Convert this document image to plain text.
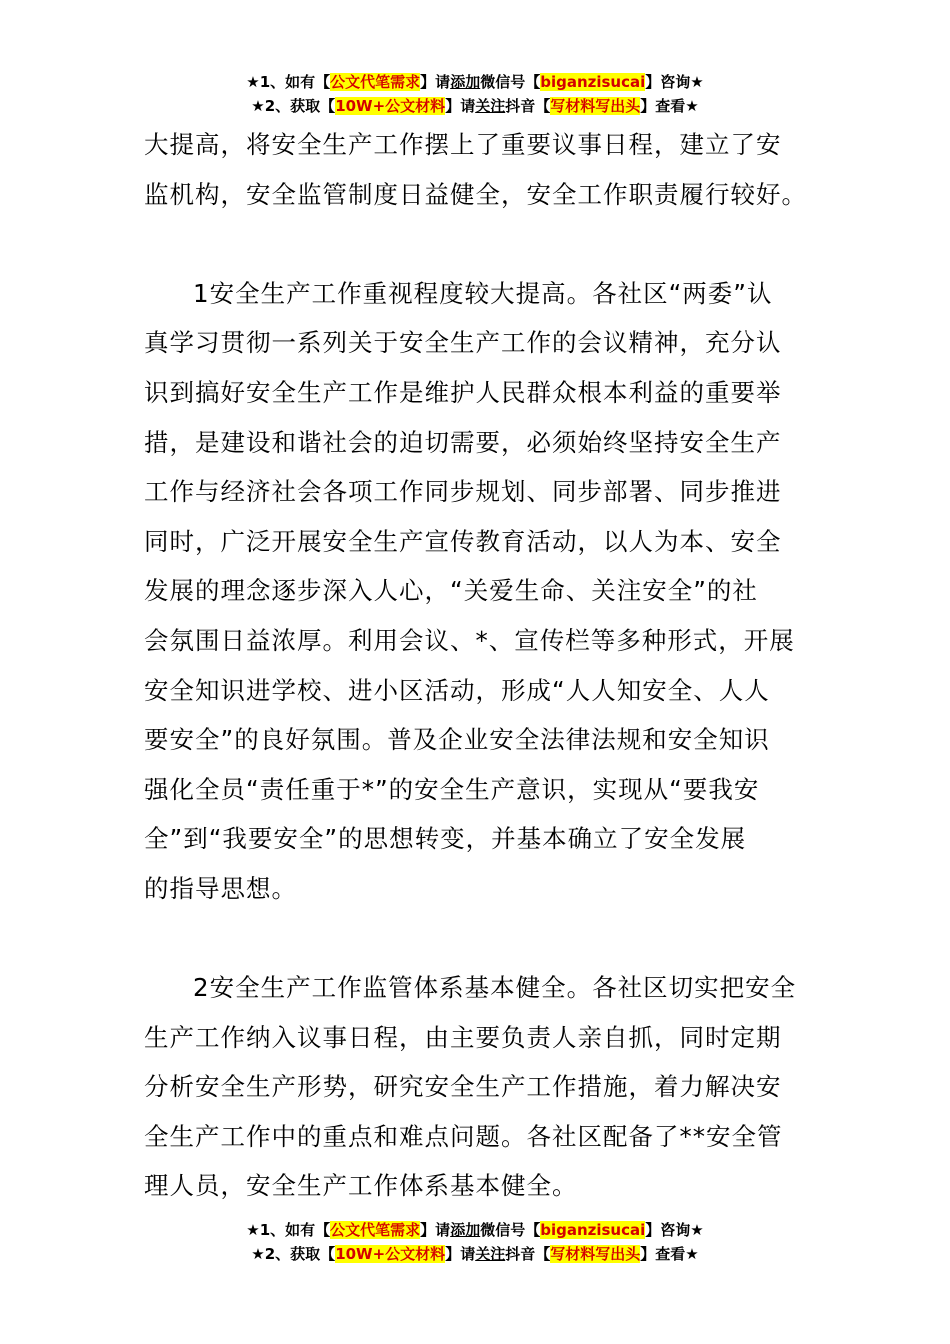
★1、如有【公文代笔需求】请添加微信号【biganzisucai】咨询★
★2、获取【10W+公文材料】请关注抖音【写材料写出头】查看★

大提高，将安全生产工作摆上了重要议事日程，建立了安
监机构，安全监管制度日益健全，安全工作职责履行较好。

1安全生产工作重视程度较大提高。各社区“两委”认
真学习贯彻一系列关于安全生产工作的会议精神，充分认
识到搞好安全生产工作是维护人民群众根本利益的重要举
措，是建设和谐社会的迫切需要，必须始终坚持安全生产
工作与经济社会各项工作同步规划、同步部署、同步推进
同时，广泛开展安全生产宣传教育活动，以人为本、安全
发展的理念逐步深入人心，“关爱生命、关注安全”的社
会氛围日益浓厚。利用会议、*、宣传栏等多种形式，开展
安全知识进学校、进小区活动，形成“人人知安全、人人
要安全”的良好氛围。普及企业安全法律法规和安全知识
强化全员“责任重于*”的安全生产意识，实现从“要我安
全”到“我要安全”的思想转变，并基本确立了安全发展
的指导思想。

2安全生产工作监管体系基本健全。各社区切实把安全
生产工作纳入议事日程，由主要负责人亲自抓，同时定期
分析安全生产形势，研究安全生产工作措施，着力解决安
全生产工作中的重点和难点问题。各社区配备了**安全管
理人员，安全生产工作体系基本健全。

★1、如有【公文代笔需求】请添加微信号【biganzisucai】咨询★
★2、获取【10W+公文材料】请关注抖音【写材料写出头】查看★
